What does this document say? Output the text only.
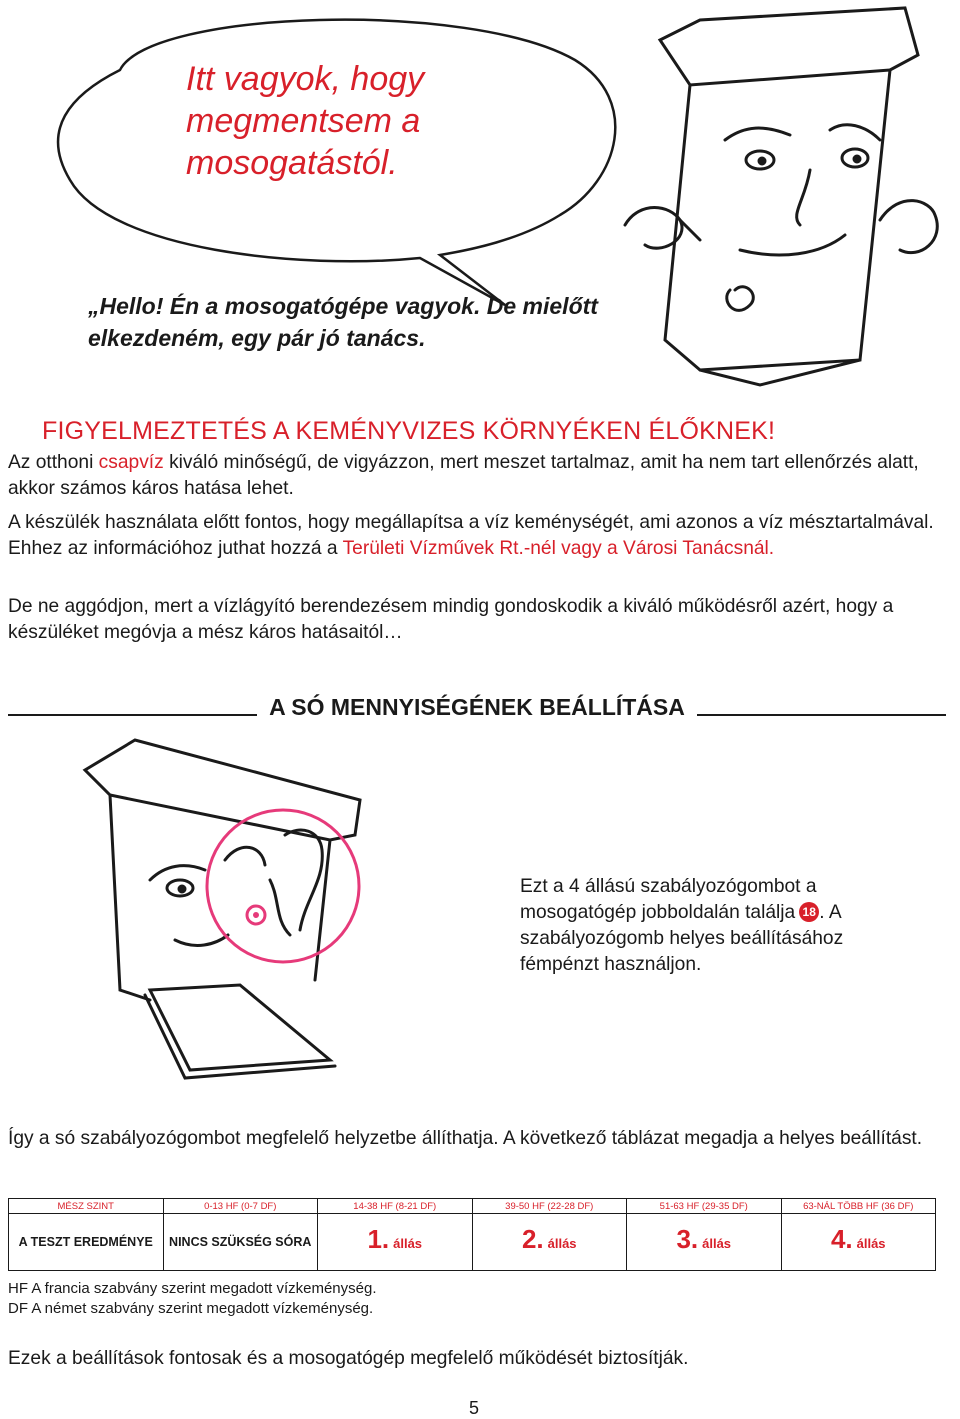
Itt vagyok, hogy megmentsem a mosogatástól.
„Hello! Én a mosogatógépe vagyok. De mielőtt elkezdeném, egy pár jó tanács.
FIGYELMEZTETÉS A KEMÉNYVIZES KÖRNYÉKEN ÉLŐKNEK!
Az otthoni csapvíz kiváló minőségű, de vigyázzon, mert meszet tartalmaz, amit ha nem tart ellenőrzés alatt, akkor számos káros hatása lehet.
A készülék használata előtt fontos, hogy megállapítsa a víz keménységét, ami azonos a víz mésztartalmával. Ehhez az információhoz juthat hozzá a Területi Vízművek Rt.-nél vagy a Városi Tanácsnál.
De ne aggódjon, mert a vízlágyító berendezésem mindig gondoskodik a kiváló működésről azért, hogy a készüléket megóvja a mész káros hatásaitól…
A SÓ MENNYISÉGÉNEK BEÁLLÍTÁSA
Ezt a 4 állású szabályozógombot a mosogatógép jobboldalán találja 18 . A szabályozógomb helyes beállításához fémpénzt használjon.
Így a só szabályozógombot megfelelő helyzetbe állíthatja. A következő táblázat megadja a helyes beállítást.
MÉSZ SZINT	0-13 HF (0-7 DF)	14-38 HF (8-21 DF)	39-50 HF (22-28 DF)	51-63 HF (29-35 DF)	63-NÁL TÖBB HF (36 DF)
A TESZT EREDMÉNYE	NINCS SZÜKSÉG SÓRA	1. állás	2. állás	3. állás	4. állás
HF A francia szabvány szerint megadott vízkeménység.
DF A német szabvány szerint megadott vízkeménység.
Ezek a beállítások fontosak és a mosogatógép megfelelő működését biztosítják.
5
